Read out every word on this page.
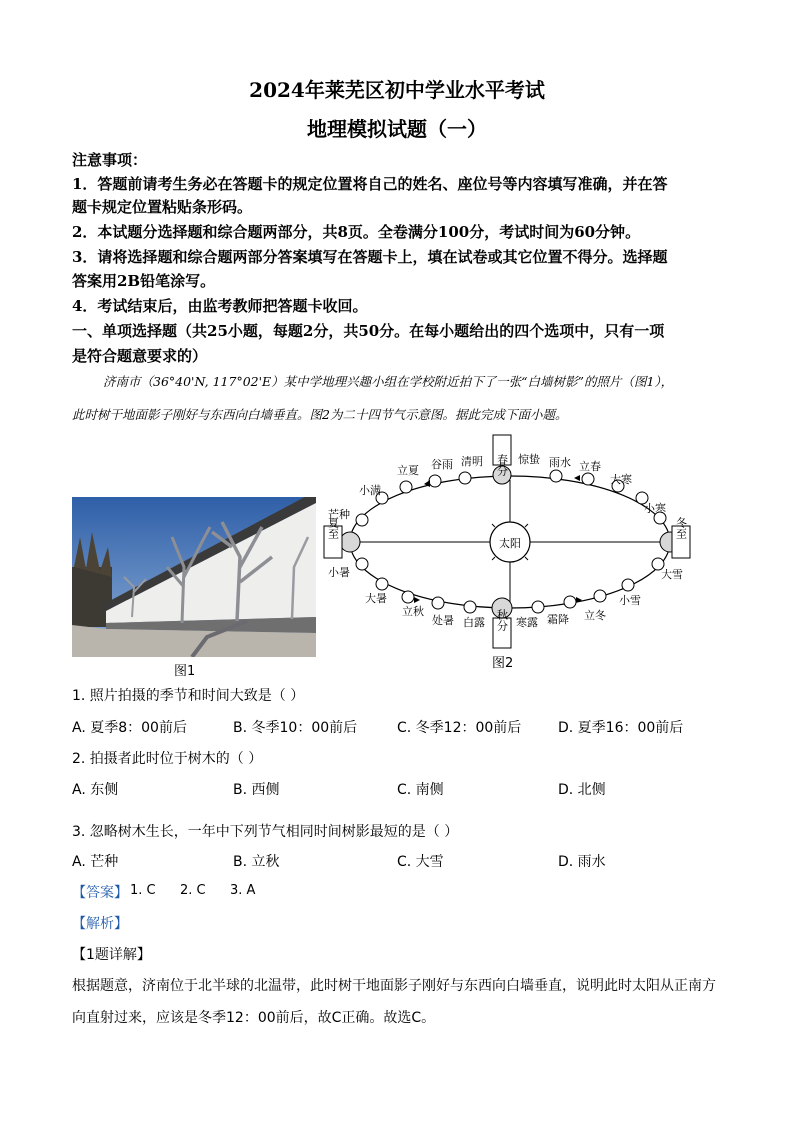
2024年莱芜区初中学业水平考试
地理模拟试题（一）
注意事项：
1．答题前请考生务必在答题卡的规定位置将自己的姓名、座位号等内容填写准确，并在答
题卡规定位置粘贴条形码。
2．本试题分选择题和综合题两部分，共8页。全卷满分100分，考试时间为60分钟。
3．请将选择题和综合题两部分答案填写在答题卡上，填在试卷或其它位置不得分。选择题
答案用2B铅笔涂写。
4．考试结束后，由监考教师把答题卡收回。
一、单项选择题（共25小题，每题2分，共50分。在每小题给出的四个选项中，只有一项
是符合题意要求的）
济南市（36°40'N, 117°02'E）某中学地理兴趣小组在学校附近拍下了一张“白墙树影”的照片（图1），
此时树干地面影子刚好与东西向白墙垂直。图2为二十四节气示意图。据此完成下面小题。
图1
太阳
春分
夏至
秋分
冬至
惊蛰 雨水 立春
大寒
小寒
清明
谷雨
立夏
小满
芒种
小暑
大暑
立秋
处暑 白露	寒露 霜降 立冬
小雪
大雪
图2
1. 照片拍摄的季节和时间大致是（ ）
A. 夏季8：00前后	B. 冬季10：00前后	C. 冬季12：00前后	D. 夏季16：00前后
2. 拍摄者此时位于树木的（ ）
A. 东侧	B. 西侧	C. 南侧	D. 北侧
3. 忽略树木生长，一年中下列节气相同时间树影最短的是（ ）
A. 芒种	B. 立秋	C. 大雪	D. 雨水
【答案】 1. C 2. C 3. A
【解析】
【1题详解】
根据题意，济南位于北半球的北温带，此时树干地面影子刚好与东西向白墙垂直，说明此时太阳从正南方
向直射过来，应该是冬季12：00前后，故C正确。故选C。
